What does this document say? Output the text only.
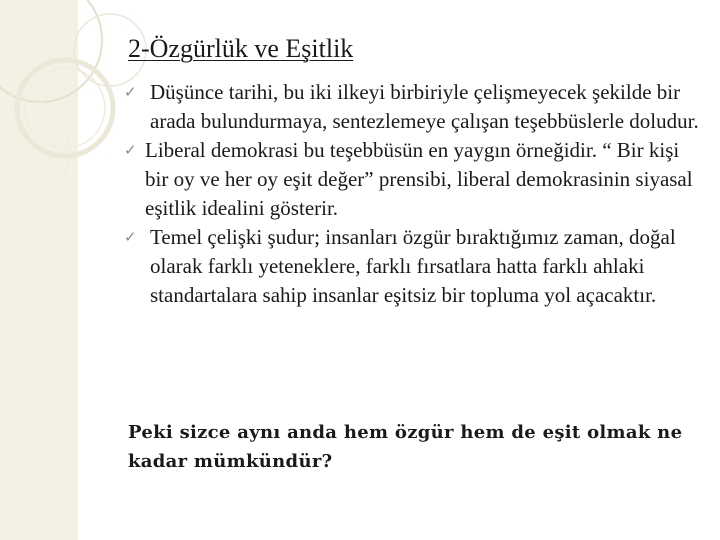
2-Özgürlük ve Eşitlik
✓ Düşünce tarihi, bu iki ilkeyi birbiriyle çelişmeyecek şekilde bir arada bulundurmaya, sentezlemeye çalışan teşebbüslerle doludur.

✓ Liberal demokrasi bu teşebbüsün en yaygın örneğidir. “ Bir kişi bir oy ve her oy eşit değer” prensibi, liberal demokrasinin siyasal eşitlik idealini gösterir.

✓ Temel çelişki şudur; insanları özgür bıraktığımız zaman, doğal olarak farklı yeteneklere, farklı fırsatlara hatta farklı ahlaki standartalara sahip insanlar eşitsiz bir topluma yol açacaktır.

Peki sizce aynı anda hem özgür hem de eşit olmak ne kadar mümkündür?
